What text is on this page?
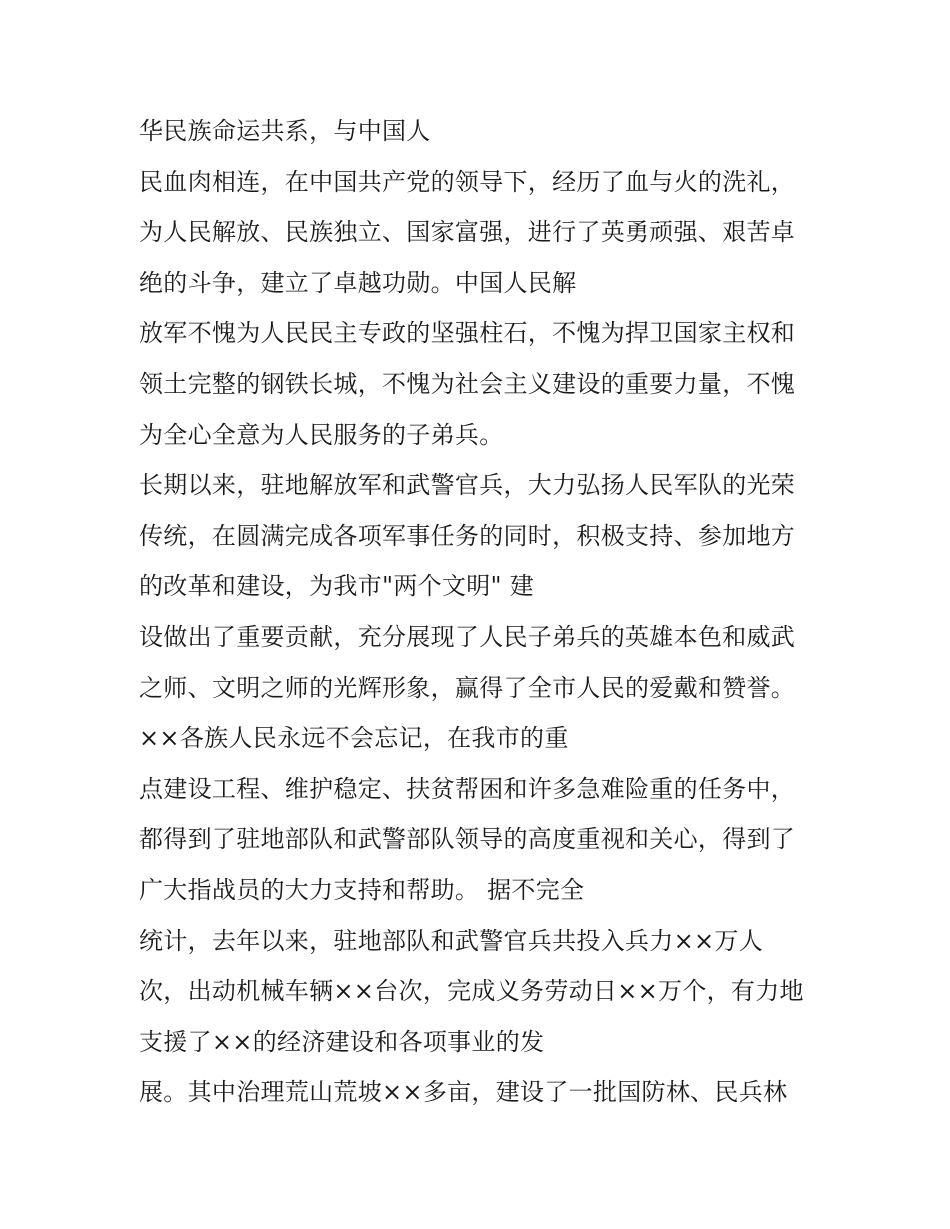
华民族命运共系，与中国人
民血肉相连，在中国共产党的领导下，经历了血与火的洗礼，
为人民解放、民族独立、国家富强，进行了英勇顽强、艰苦卓
绝的斗争，建立了卓越功勋。中国人民解
放军不愧为人民民主专政的坚强柱石，不愧为捍卫国家主权和
领土完整的钢铁长城，不愧为社会主义建设的重要力量，不愧
为全心全意为人民服务的子弟兵。
长期以来，驻地解放军和武警官兵，大力弘扬人民军队的光荣
传统，在圆满完成各项军事任务的同时，积极支持、参加地方
的改革和建设，为我市"两个文明" 建
设做出了重要贡献，充分展现了人民子弟兵的英雄本色和威武
之师、文明之师的光辉形象，赢得了全市人民的爱戴和赞誉。
××各族人民永远不会忘记，在我市的重
点建设工程、维护稳定、扶贫帮困和许多急难险重的任务中，
都得到了驻地部队和武警部队领导的高度重视和关心，得到了
广大指战员的大力支持和帮助。 据不完全
统计，去年以来，驻地部队和武警官兵共投入兵力××万人
次，出动机械车辆××台次，完成义务劳动日××万个，有力地
支援了××的经济建设和各项事业的发
展。其中治理荒山荒坡××多亩，建设了一批国防林、民兵林
